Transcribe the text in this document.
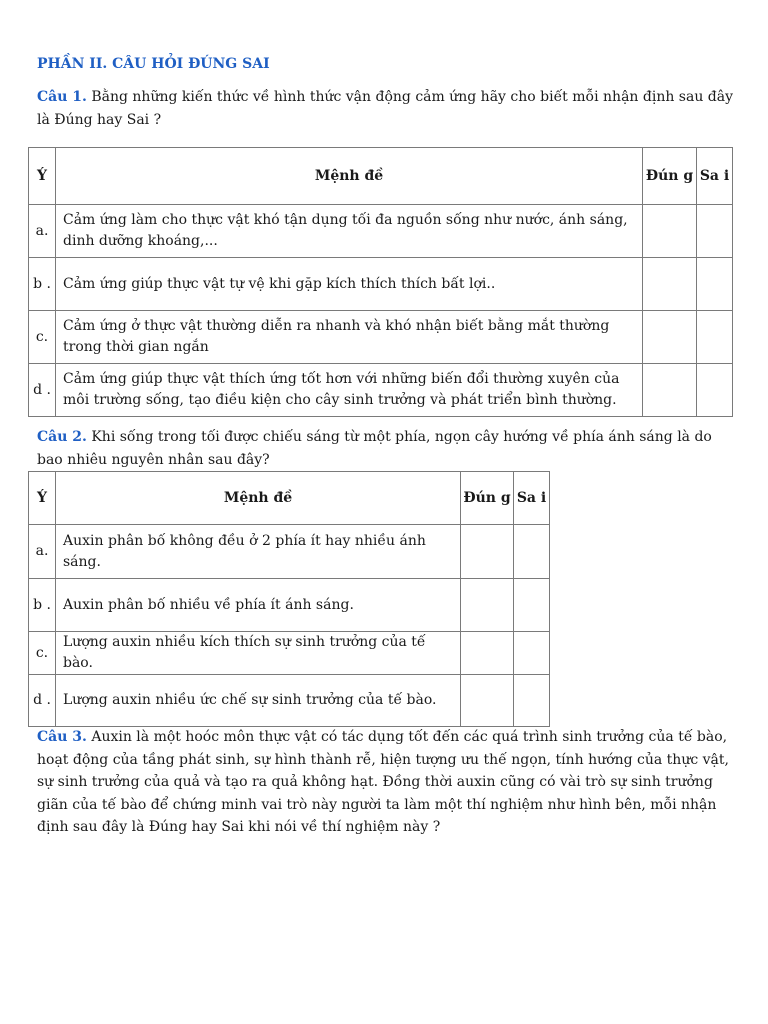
PHẦN II. CÂU HỎI ĐÚNG SAI
Câu 1. Bằng những kiến thức về hình thức vận động cảm ứng hãy cho biết mỗi nhận định sau đây là Đúng hay Sai ?
Ý	Mệnh đề	Đún g	Sa i
a.	Cảm ứng làm cho thực vật khó tận dụng tối đa nguồn sống như nước, ánh sáng, dinh dưỡng khoáng,...		
b .	Cảm ứng giúp thực vật tự vệ khi gặp kích thích thích bất lợi..		
c.	Cảm ứng ở thực vật thường diễn ra nhanh và khó nhận biết bằng mắt thường trong thời gian ngắn		
d .	Cảm ứng giúp thực vật thích ứng tốt hơn với những biến đổi thường xuyên của môi trường sống, tạo điều kiện cho cây sinh trưởng và phát triển bình thường.		
Câu 2. Khi sống trong tối được chiếu sáng từ một phía, ngọn cây hướng về phía ánh sáng là do bao nhiêu nguyên nhân sau đây?
Ý	Mệnh đề	Đún g	Sa i
a.	Auxin phân bố không đều ở 2 phía ít hay nhiều ánh sáng.		
b .	Auxin phân bố nhiều về phía ít ánh sáng.		
c.	Lượng auxin nhiều kích thích sự sinh trưởng của tế bào.		
d .	Lượng auxin nhiều ức chế sự sinh trưởng của tế bào.		
Câu 3. Auxin là một hoóc môn thực vật có tác dụng tốt đến các quá trình sinh trưởng của tế bào, hoạt động của tầng phát sinh, sự hình thành rễ, hiện tượng ưu thế ngọn, tính hướng của thực vật, sự sinh trưởng của quả và tạo ra quả không hạt. Đồng thời auxin cũng có vài trò sự sinh trưởng giãn của tế bào để chứng minh vai trò này người ta làm một thí nghiệm như hình bên, mỗi nhận định sau đây là Đúng hay Sai khi nói về thí nghiệm này ?
